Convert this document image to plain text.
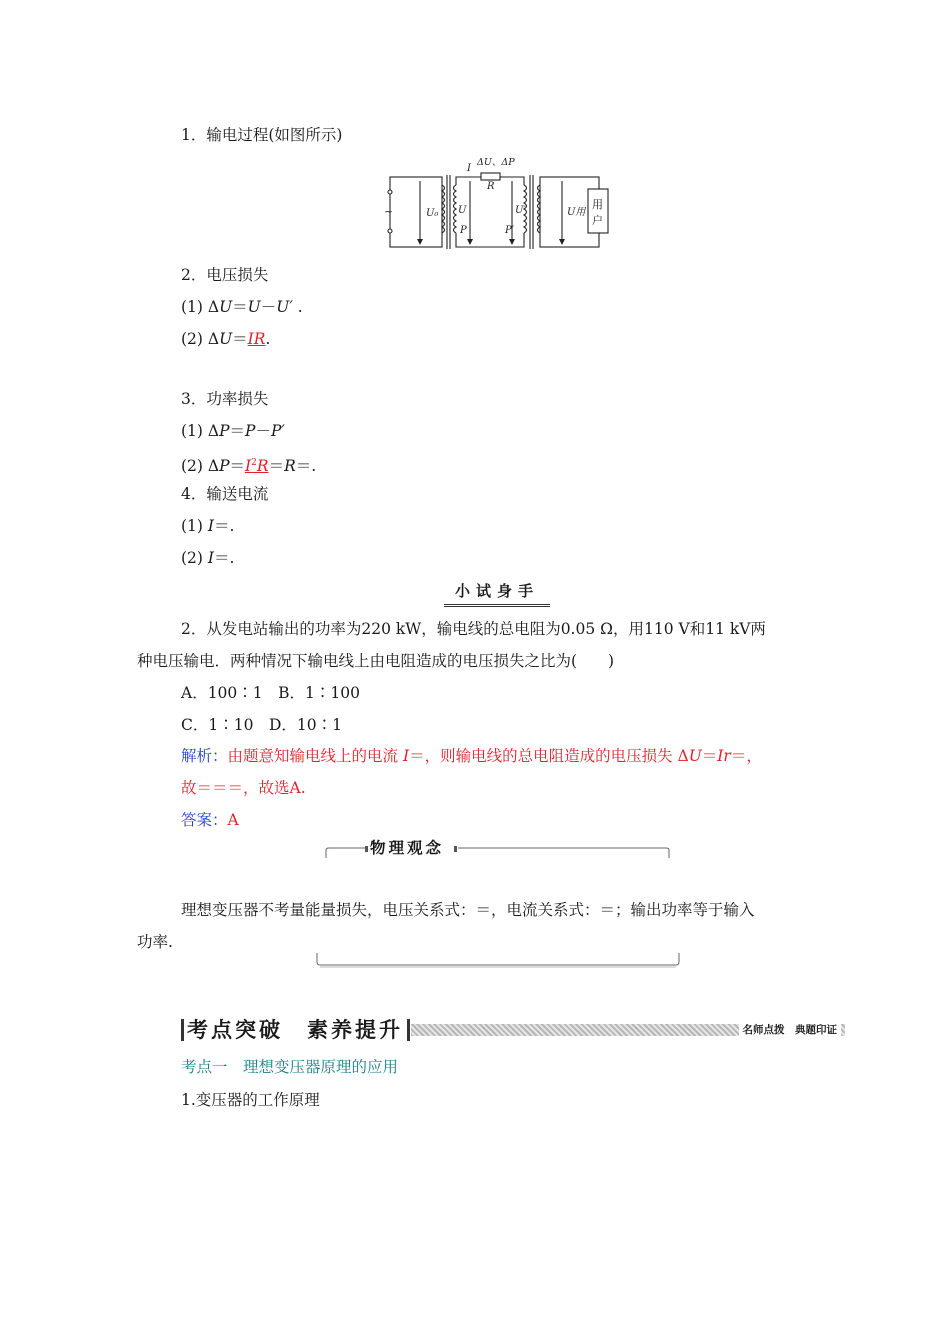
1．输电过程(如图所示)
I
ΔU、ΔP
R
U₀ U
P
U′
P′
U用
~
用
户
2．电压损失
(1) ΔU＝U－U′ .
(2) ΔU＝IR.
3．功率损失
(1) ΔP＝P－P′
(2) $\Delta P=I^2R=R=$.
4．输送电流
(1) I＝.
(2) I＝.
小试身手
2．从发电站输出的功率为220 kW，输电线的总电阻为0.05 Ω，用110 V和11 kV两
种电压输电．两种情况下输电线上由电阻造成的电压损失之比为(　　)
A．100∶1　B．1∶100
C．1∶10　D．10∶1
解析：由题意知输电线上的电流 I＝，则输电线的总电阻造成的电压损失 ΔU＝Ir＝，
故＝＝＝，故选A.
答案：A
物理观念
理想变压器不考量能量损失，电压关系式：＝，电流关系式：＝；输出功率等于输入
功率.
考点突破　素养提升	名师点拨　典题印证
考点一　理想变压器原理的应用
1.变压器的工作原理
